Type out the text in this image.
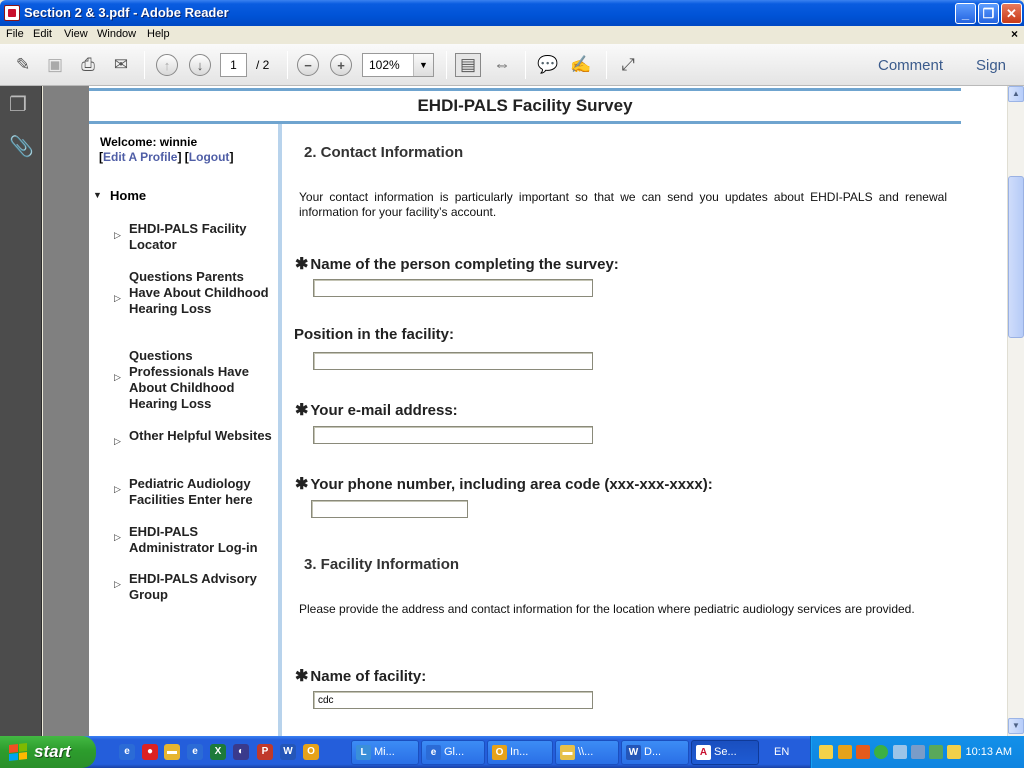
Section 2 & 3.pdf - Adobe Reader	_	❐ ✕
File Edit View Window Help	×
✎ ▣	⎙	✉	↑	↓	−	+	▤ ⇔ 💬 ✍	⤢
1	/ 2	102%	▼	Comment Sign
❐
📎
EHDI-PALS Facility Survey
Welcome: winnie
[Edit A Profile] [Logout]
▼ Home
▷ EHDI-PALS Facility Locator
▷
Questions Parents Have About Childhood Hearing Loss
▷
Questions Professionals Have About Childhood Hearing Loss
▷ Other Helpful Websites
▷ Pediatric Audiology Facilities Enter here
▷ EHDI-PALS Administrator Log-in
▷ EHDI-PALS Advisory Group
2. Contact Information
Your contact information is particularly important so that we can send you updates about EHDI-PALS and renewal information for your facility’s account.
✱ Name of the person completing the survey:
Position in the facility:
✱ Your e-mail address:
✱ Your phone number, including area code (xxx-xxx-xxxx):
3. Facility Information
Please provide the address and contact information for the location where pediatric audiology services are provided.
✱ Name of facility:
cdc
▲
▼
start	e	●	▬	e	X	◐	P	W	O	L Mi...	e Gl...	O In...	▬ \\...	W D...	A Se...	EN	10:13 AM
